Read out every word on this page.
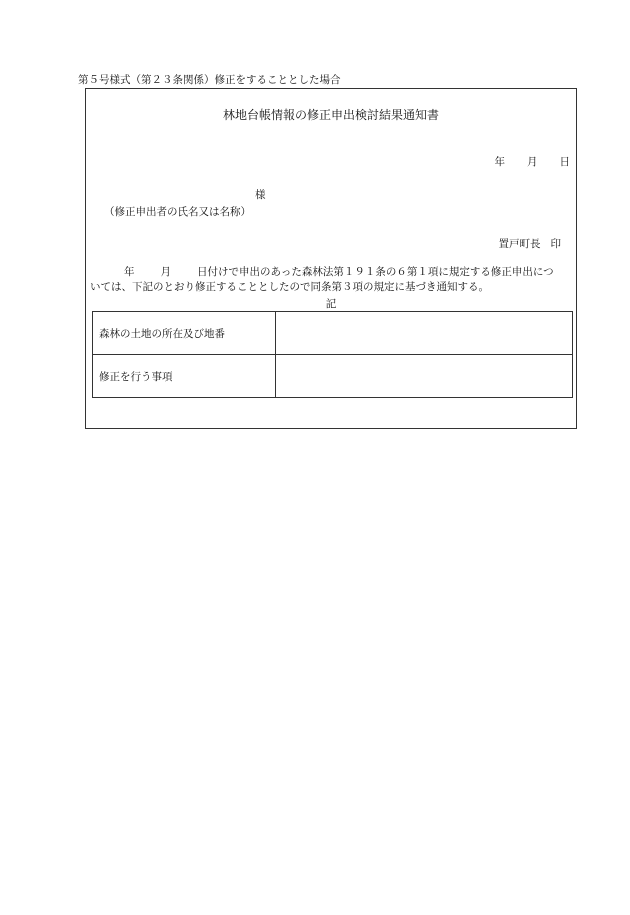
第５号様式（第２３条関係）修正をすることとした場合
林地台帳情報の修正申出検討結果通知書
年 月 日
様
（修正申出者の氏名又は名称）
置戸町長 印
年 月 日付けで申出のあった森林法第１９１条の６第１項に規定する修正申出につ
いては、下記のとおり修正することとしたので同条第３項の規定に基づき通知する。
記
森林の土地の所在及び地番	
修正を行う事項	
